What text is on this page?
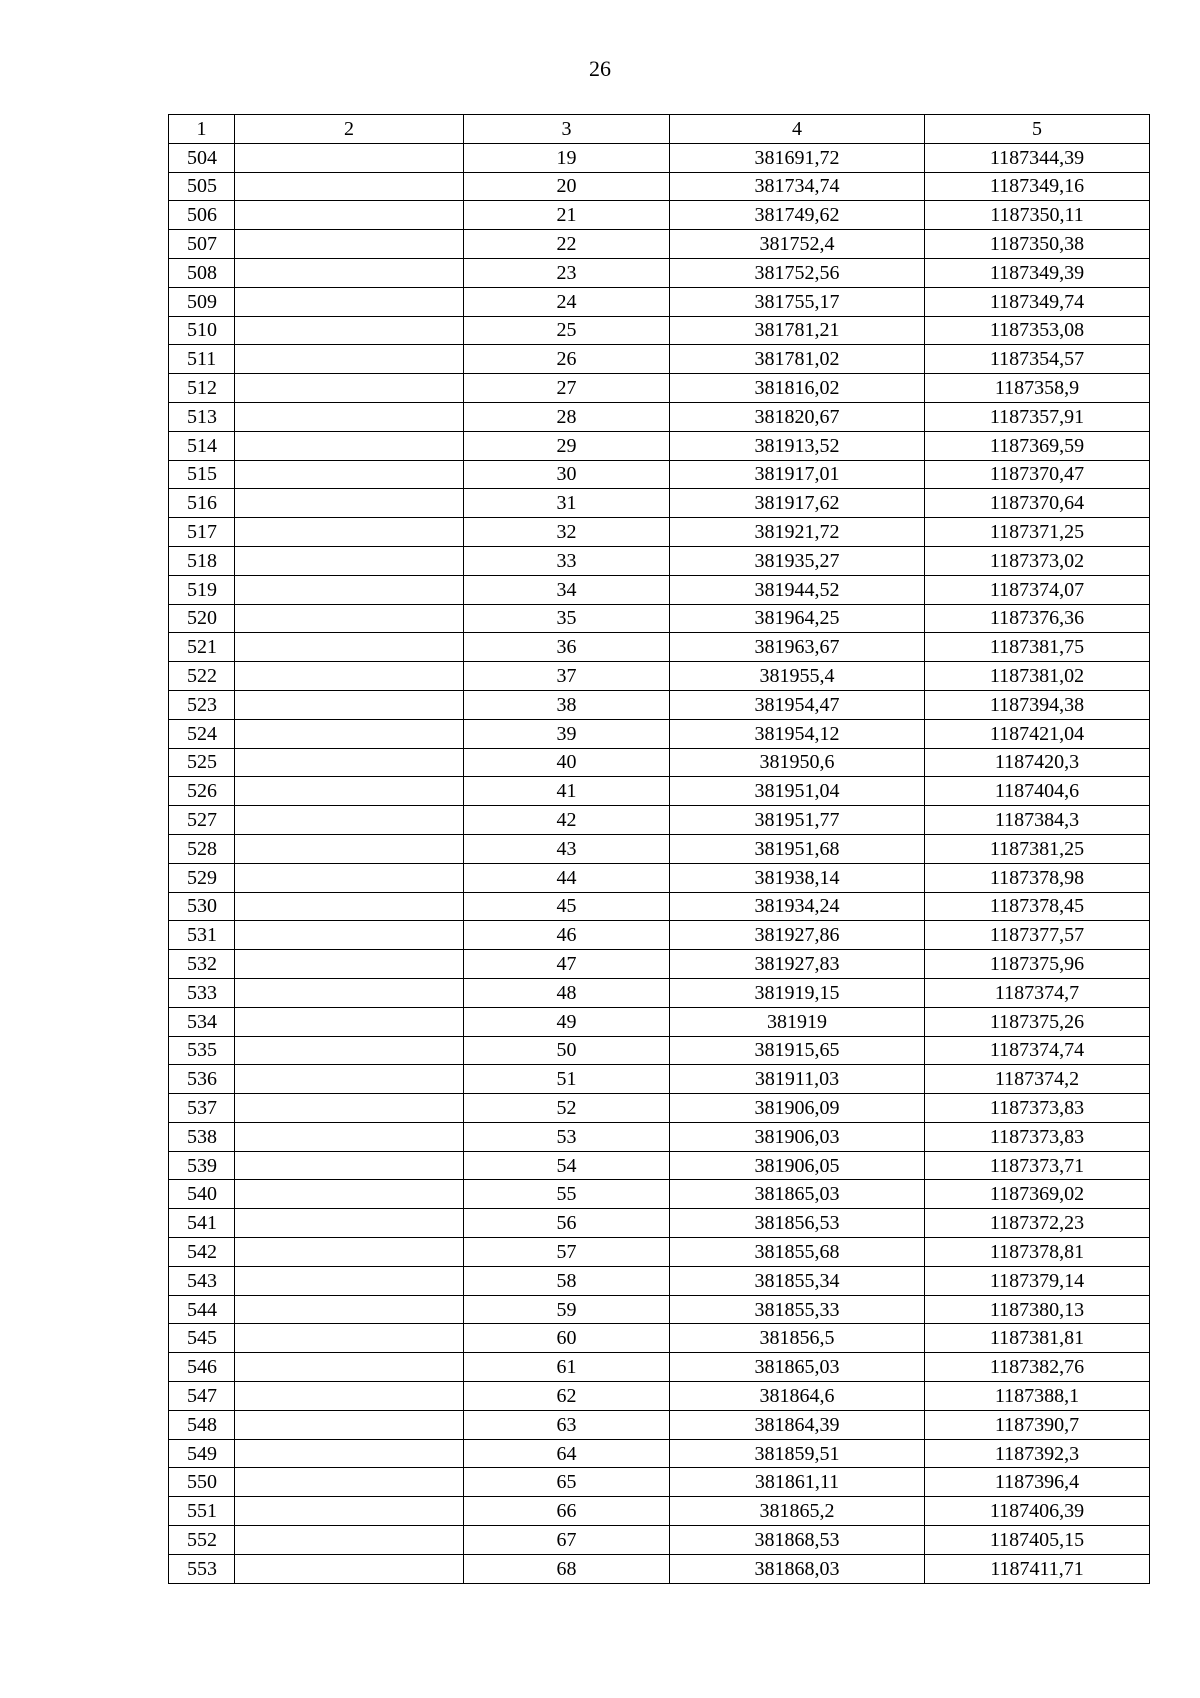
26
1	2	3	4	5
504		19	381691,72	1187344,39
505		20	381734,74	1187349,16
506		21	381749,62	1187350,11
507		22	381752,4	1187350,38
508		23	381752,56	1187349,39
509		24	381755,17	1187349,74
510		25	381781,21	1187353,08
511		26	381781,02	1187354,57
512		27	381816,02	1187358,9
513		28	381820,67	1187357,91
514		29	381913,52	1187369,59
515		30	381917,01	1187370,47
516		31	381917,62	1187370,64
517		32	381921,72	1187371,25
518		33	381935,27	1187373,02
519		34	381944,52	1187374,07
520		35	381964,25	1187376,36
521		36	381963,67	1187381,75
522		37	381955,4	1187381,02
523		38	381954,47	1187394,38
524		39	381954,12	1187421,04
525		40	381950,6	1187420,3
526		41	381951,04	1187404,6
527		42	381951,77	1187384,3
528		43	381951,68	1187381,25
529		44	381938,14	1187378,98
530		45	381934,24	1187378,45
531		46	381927,86	1187377,57
532		47	381927,83	1187375,96
533		48	381919,15	1187374,7
534		49	381919	1187375,26
535		50	381915,65	1187374,74
536		51	381911,03	1187374,2
537		52	381906,09	1187373,83
538		53	381906,03	1187373,83
539		54	381906,05	1187373,71
540		55	381865,03	1187369,02
541		56	381856,53	1187372,23
542		57	381855,68	1187378,81
543		58	381855,34	1187379,14
544		59	381855,33	1187380,13
545		60	381856,5	1187381,81
546		61	381865,03	1187382,76
547		62	381864,6	1187388,1
548		63	381864,39	1187390,7
549		64	381859,51	1187392,3
550		65	381861,11	1187396,4
551		66	381865,2	1187406,39
552		67	381868,53	1187405,15
553		68	381868,03	1187411,71
